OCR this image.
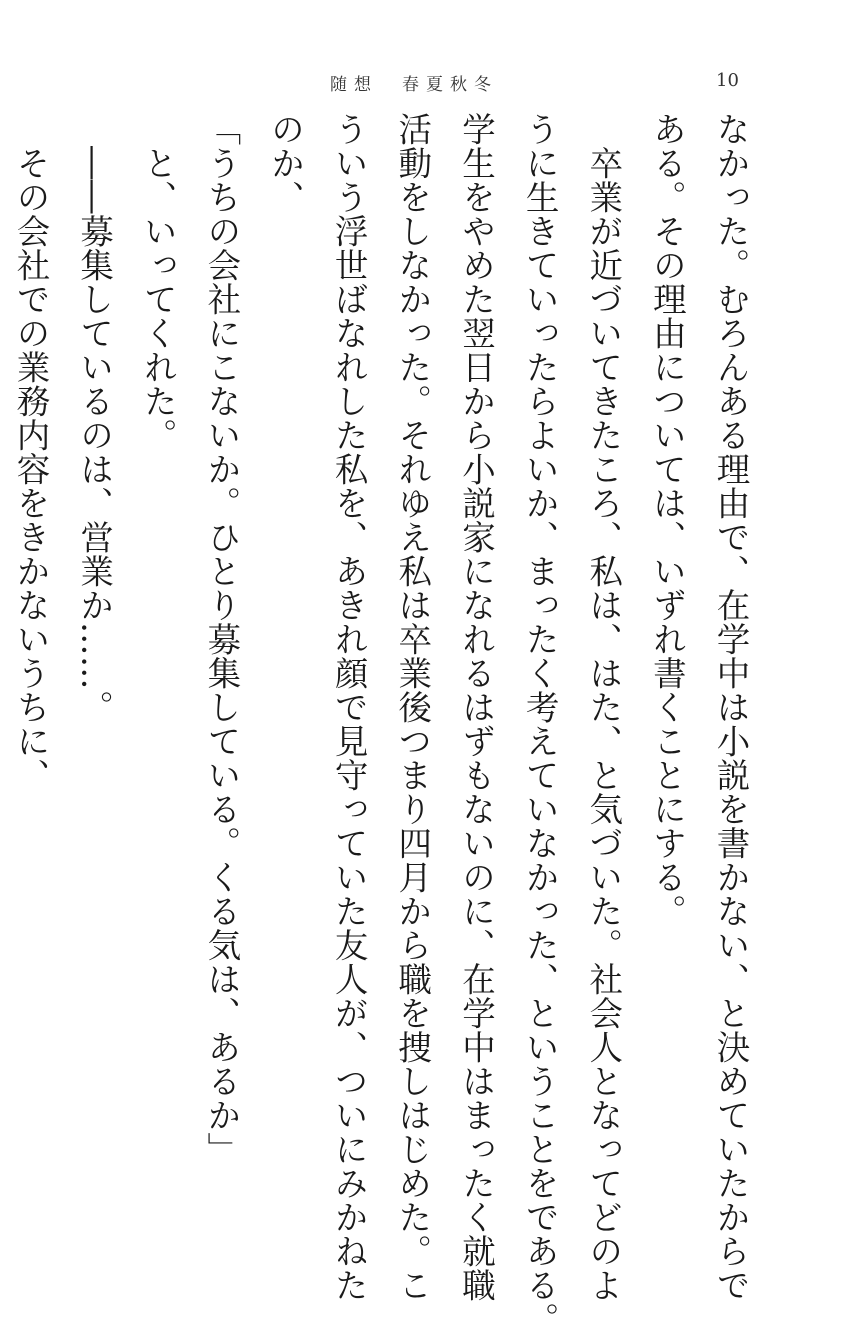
随想　春夏秋冬	10
なかった。むろんある理由で、在学中は小説を書かない、と決めていたからで
ある。その理由については、いずれ書くことにする。
　卒業が近づいてきたころ、私は、はた、と気づいた。社会人となってどのよ
うに生きていったらよいか、まったく考えていなかった、ということをである。
学生をやめた翌日から小説家になれるはずもないのに、在学中はまったく就職
活動をしなかった。それゆえ私は卒業後つまり四月から職を捜しはじめた。こ
ういう浮世ばなれした私を、あきれ顔で見守っていた友人が、ついにみかねた
のか、
「うちの会社にこないか。ひとり募集している。くる気は、あるか」
　と、いってくれた。
　――募集しているのは、営業か……。
　その会社での業務内容をきかないうちに、
